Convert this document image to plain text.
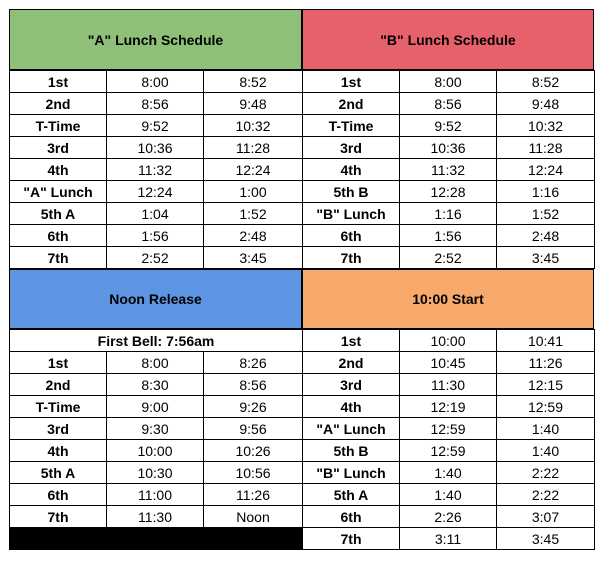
"A" Lunch Schedule
1st	8:00	8:52
2nd	8:56	9:48
T-Time	9:52	10:32
3rd	10:36	11:28
4th	11:32	12:24
"A" Lunch	12:24	1:00
5th A	1:04	1:52
6th	1:56	2:48
7th	2:52	3:45
"B" Lunch Schedule
1st	8:00	8:52
2nd	8:56	9:48
T-Time	9:52	10:32
3rd	10:36	11:28
4th	11:32	12:24
5th B	12:28	1:16
"B" Lunch	1:16	1:52
6th	1:56	2:48
7th	2:52	3:45
Noon Release
First Bell: 7:56am		
1st	8:00	8:26
2nd	8:30	8:56
T-Time	9:00	9:26
3rd	9:30	9:56
4th	10:00	10:26
5th A	10:30	10:56
6th	11:00	11:26
7th	11:30	Noon
10:00 Start
1st	10:00	10:41
2nd	10:45	11:26
3rd	11:30	12:15
4th	12:19	12:59
"A" Lunch	12:59	1:40
5th B	12:59	1:40
"B" Lunch	1:40	2:22
5th A	1:40	2:22
6th	2:26	3:07
7th	3:11	3:45
